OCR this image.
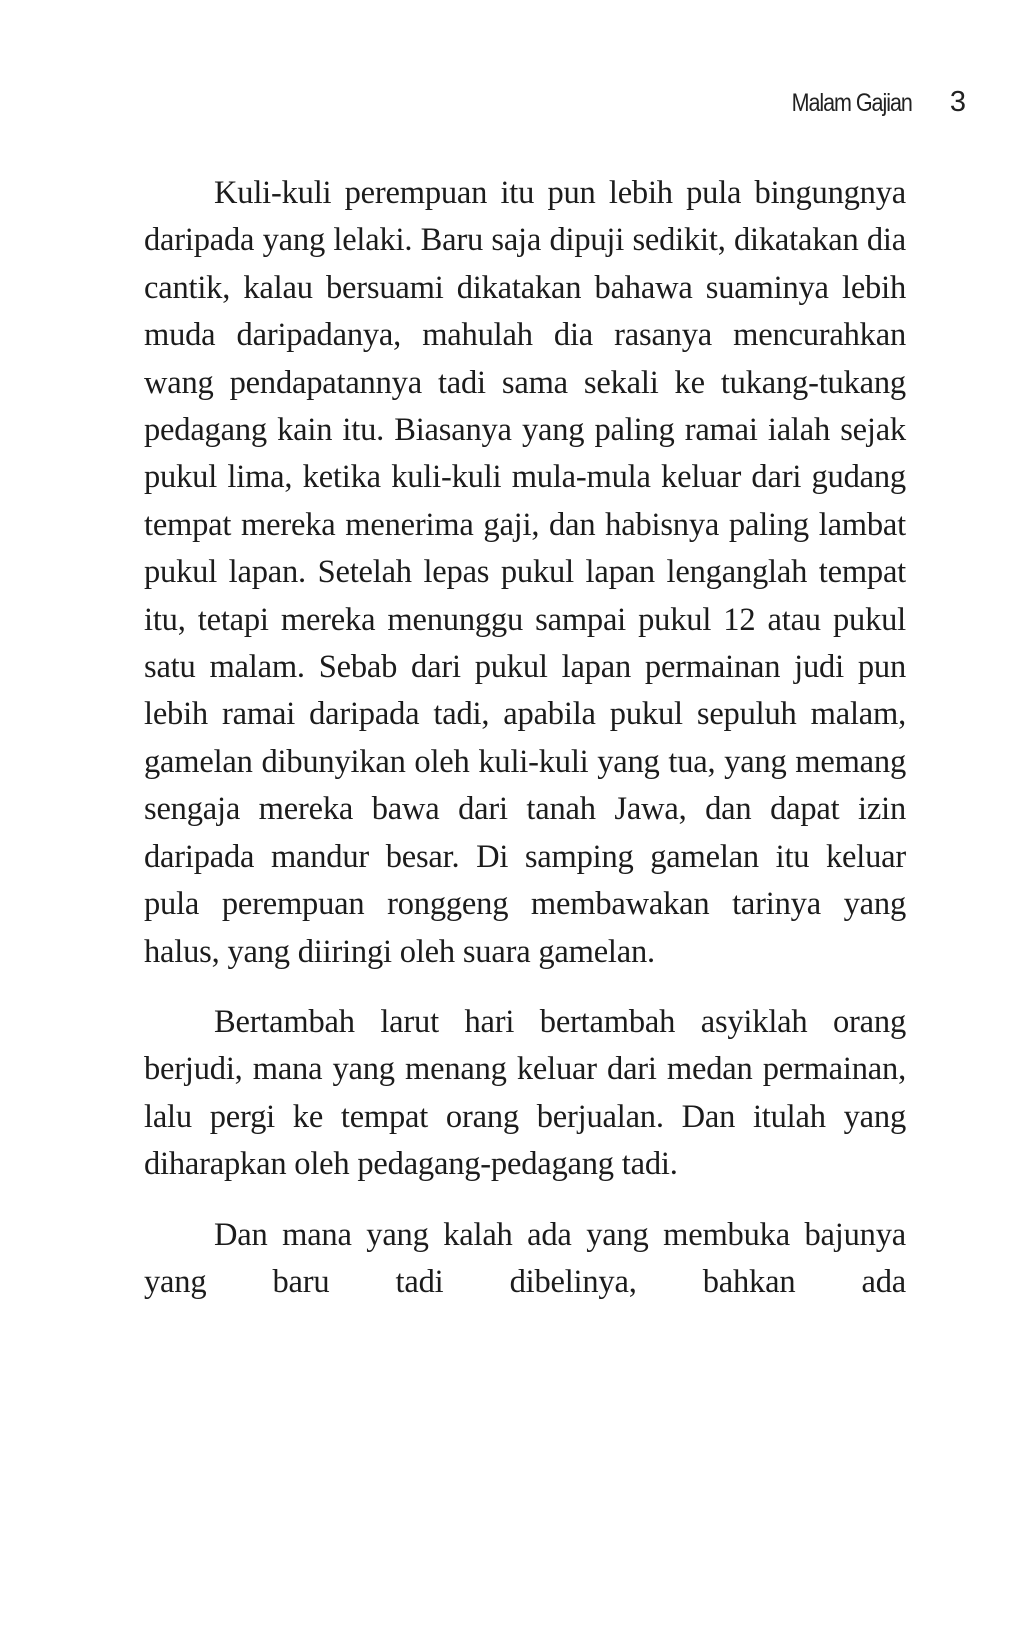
Malam Gajian 3

Kuli-kuli perempuan itu pun lebih pula bingungnya daripada yang lelaki. Baru saja dipuji sedikit, dikatakan dia cantik, kalau bersuami dikatakan bahawa suaminya lebih muda daripadanya, mahulah dia rasanya mencurahkan wang pendapatannya tadi sama sekali ke tukang-tukang pedagang kain itu. Biasanya yang paling ramai ialah sejak pukul lima, ketika kuli-kuli mula-mula keluar dari gudang tempat mereka menerima gaji, dan habisnya paling lambat pukul lapan. Setelah lepas pukul lapan lenganglah tempat itu, tetapi mereka menunggu sampai pukul 12 atau pukul satu malam. Sebab dari pukul lapan permainan judi pun lebih ramai daripada tadi, apabila pukul sepuluh malam, gamelan dibunyikan oleh kuli-kuli yang tua, yang memang sengaja mereka bawa dari tanah Jawa, dan dapat izin daripada mandur besar. Di samping gamelan itu keluar pula perempuan ronggeng membawakan tarinya yang halus, yang diiringi oleh suara gamelan.

Bertambah larut hari bertambah asyiklah orang berjudi, mana yang menang keluar dari medan permainan, lalu pergi ke tempat orang berjualan. Dan itulah yang diharapkan oleh pedagang-pedagang tadi.

Dan mana yang kalah ada yang membuka bajunya yang baru tadi dibelinya, bahkan ada
